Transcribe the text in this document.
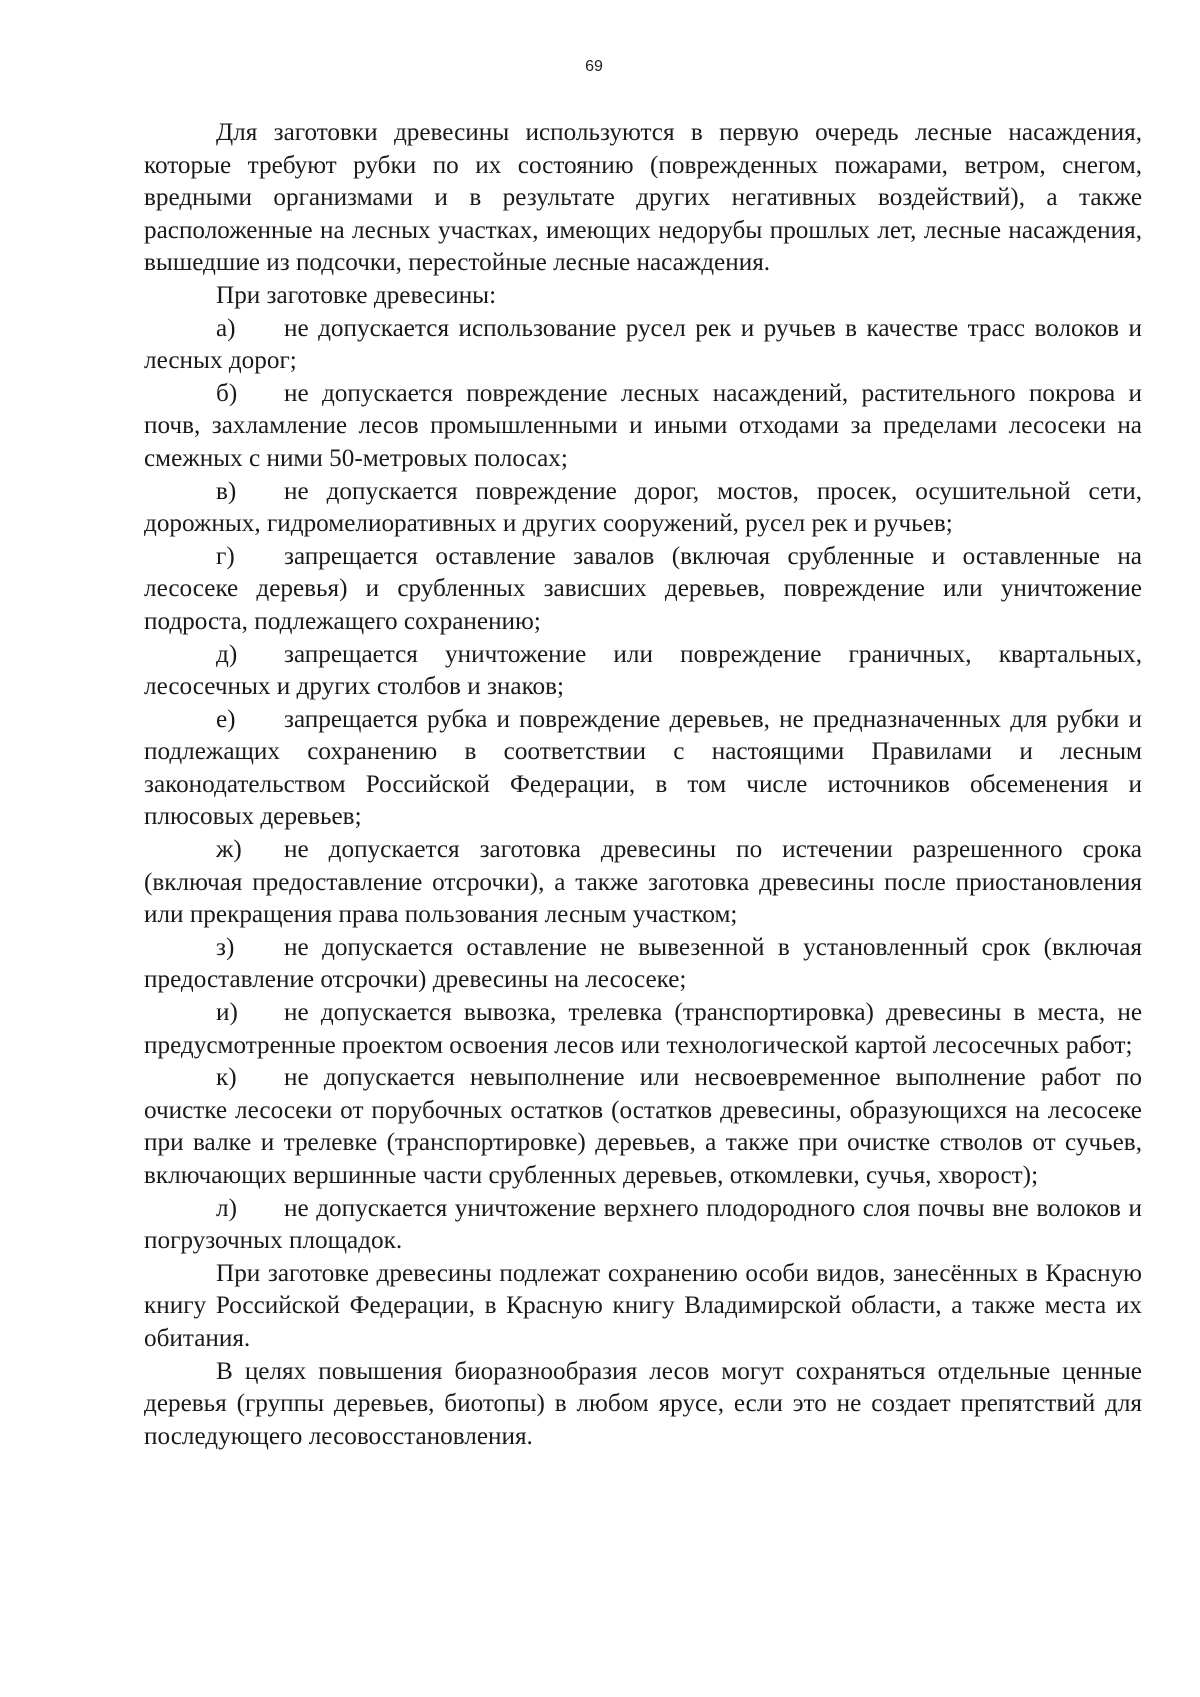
69

Для заготовки древесины используются в первую очередь лесные насаждения, которые требуют рубки по их состоянию (поврежденных пожарами, ветром, снегом, вредными организмами и в результате других негативных воздействий), а также расположенные на лесных участках, имеющих недорубы прошлых лет, лесные насаждения, вышедшие из подсочки, перестойные лесные насаждения.

При заготовке древесины:

а) не допускается использование русел рек и ручьев в качестве трасс волоков и лесных дорог;

б) не допускается повреждение лесных насаждений, растительного покрова и почв, захламление лесов промышленными и иными отходами за пределами лесосеки на смежных с ними 50-метровых полосах;

в) не допускается повреждение дорог, мостов, просек, осушительной сети, дорожных, гидромелиоративных и других сооружений, русел рек и ручьев;

г) запрещается оставление завалов (включая срубленные и оставленные на лесосеке деревья) и срубленных зависших деревьев, повреждение или уничтожение подроста, подлежащего сохранению;

д) запрещается уничтожение или повреждение граничных, квартальных, лесосечных и других столбов и знаков;

е) запрещается рубка и повреждение деревьев, не предназначенных для рубки и подлежащих сохранению в соответствии с настоящими Правилами и лесным законодательством Российской Федерации, в том числе источников обсеменения и плюсовых деревьев;

ж) не допускается заготовка древесины по истечении разрешенного срока (включая предоставление отсрочки), а также заготовка древесины после приостановления или прекращения права пользования лесным участком;

з) не допускается оставление не вывезенной в установленный срок (включая предоставление отсрочки) древесины на лесосеке;

и) не допускается вывозка, трелевка (транспортировка) древесины в места, не предусмотренные проектом освоения лесов или технологической картой лесосечных работ;

к) не допускается невыполнение или несвоевременное выполнение работ по очистке лесосеки от порубочных остатков (остатков древесины, образующихся на лесосеке при валке и трелевке (транспортировке) деревьев, а также при очистке стволов от сучьев, включающих вершинные части срубленных деревьев, откомлевки, сучья, хворост);

л) не допускается уничтожение верхнего плодородного слоя почвы вне волоков и погрузочных площадок.

При заготовке древесины подлежат сохранению особи видов, занесённых в Красную книгу Российской Федерации, в Красную книгу Владимирской области, а также места их обитания.

В целях повышения биоразнообразия лесов могут сохраняться отдельные ценные деревья (группы деревьев, биотопы) в любом ярусе, если это не создает препятствий для последующего лесовосстановления.
